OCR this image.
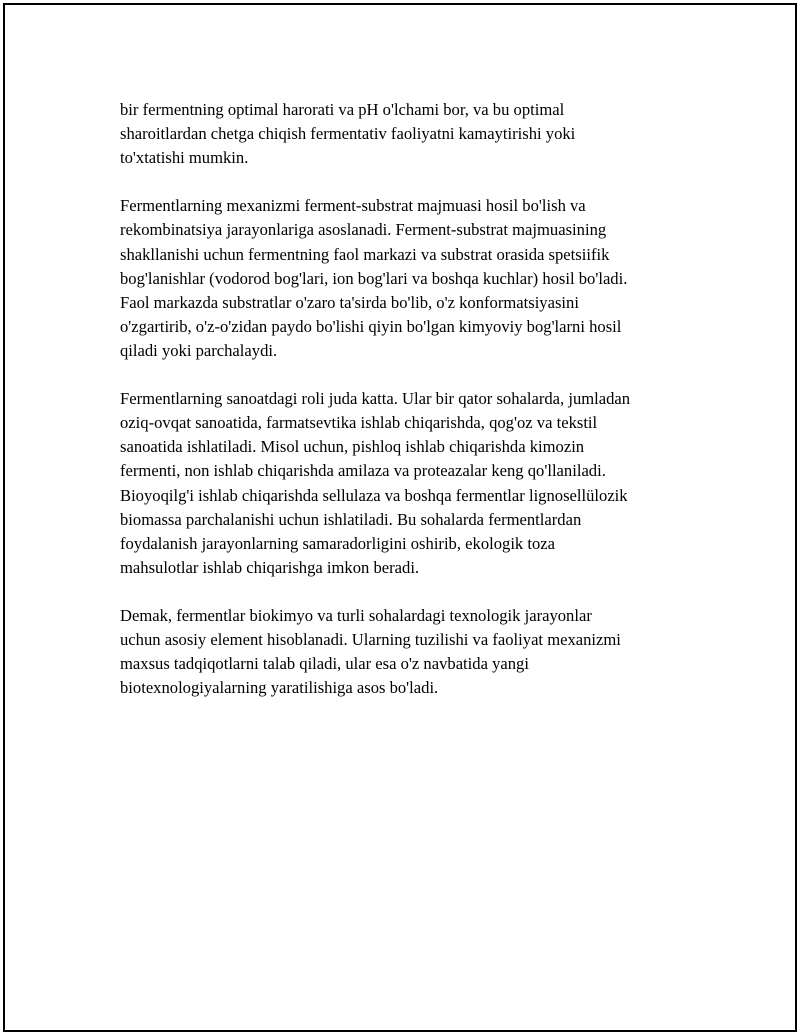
bir fermentning optimal harorati va pH o'lchami bor, va bu optimal
sharoitlardan chetga chiqish fermentativ faoliyatni kamaytirishi yoki
to'xtatishi mumkin.

Fermentlarning mexanizmi ferment-substrat majmuasi hosil bo'lish va
rekombinatsiya jarayonlariga asoslanadi. Ferment-substrat majmuasining
shakllanishi uchun fermentning faol markazi va substrat orasida spetsiifik
bog'lanishlar (vodorod bog'lari, ion bog'lari va boshqa kuchlar) hosil bo'ladi.
Faol markazda substratlar o'zaro ta'sirda bo'lib, o'z konformatsiyasini
o'zgartirib, o'z-o'zidan paydo bo'lishi qiyin bo'lgan kimyoviy bog'larni hosil
qiladi yoki parchalaydi.

Fermentlarning sanoatdagi roli juda katta. Ular bir qator sohalarda, jumladan
oziq-ovqat sanoatida, farmatsevtika ishlab chiqarishda, qog'oz va tekstil
sanoatida ishlatiladi. Misol uchun, pishloq ishlab chiqarishda kimozin
fermenti, non ishlab chiqarishda amilaza va proteazalar keng qo'llaniladi.
Bioyoqilg'i ishlab chiqarishda sellulaza va boshqa fermentlar lignosellülozik
biomassa parchalanishi uchun ishlatiladi. Bu sohalarda fermentlardan
foydalanish jarayonlarning samaradorligini oshirib, ekologik toza
mahsulotlar ishlab chiqarishga imkon beradi.

Demak, fermentlar biokimyo va turli sohalardagi texnologik jarayonlar
uchun asosiy element hisoblanadi. Ularning tuzilishi va faoliyat mexanizmi
maxsus tadqiqotlarni talab qiladi, ular esa o'z navbatida yangi
biotexnologiyalarning yaratilishiga asos bo'ladi.
